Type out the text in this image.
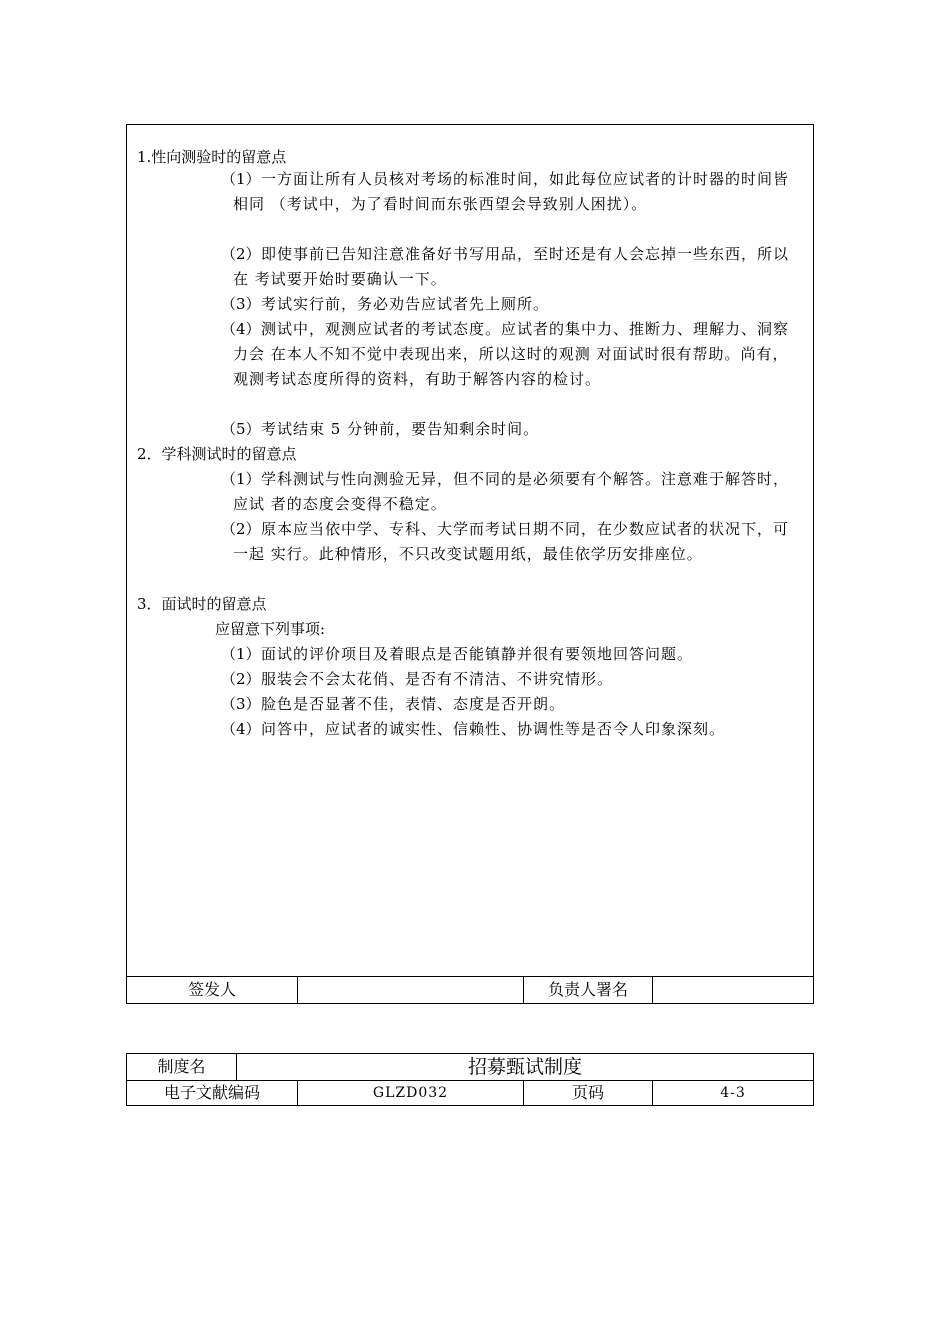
1.性向测验时的留意点
（1） 一方面让所有人员核对考场的标准时间，如此每位应试者的计时器的时间皆相同 （考试中，为了看时间而东张西望会导致别人困扰）。
（2） 即使事前已告知注意准备好书写用品，至时还是有人会忘掉一些东西，所以在 考试要开始时要确认一下。
（3） 考试实行前，务必劝告应试者先上厕所。
（4） 测试中，观测应试者的考试态度。应试者的集中力、推断力、理解力、洞察力会 在本人不知不觉中表现出来，所以这时的观测 对面试时很有帮助。尚有，观测考试态度所得的资料，有助于解答内容的检讨。
（5） 考试结束 5 分钟前，要告知剩余时间。
2．学科测试时的留意点
（1） 学科测试与性向测验无异，但不同的是必须要有个解答。注意难于解答时，应试 者的态度会变得不稳定。
（2） 原本应当依中学、专科、大学而考试日期不同，在少数应试者的状况下，可一起 实行。此种情形，不只改变试题用纸，最佳依学历安排座位。
3．面试时的留意点
应留意下列事项:
（1） 面试的评价项目及着眼点是否能镇静并很有要领地回答问题。
（2） 服装会不会太花俏、是否有不清洁、不讲究情形。
（3） 脸色是否显著不佳，表情、态度是否开朗。
（4） 问答中，应试者的诚实性、信赖性、协调性等是否令人印象深刻。
签发人	负责人署名
制度名	招募甄试制度
电子文献编码	GLZD032	页码	4-3
